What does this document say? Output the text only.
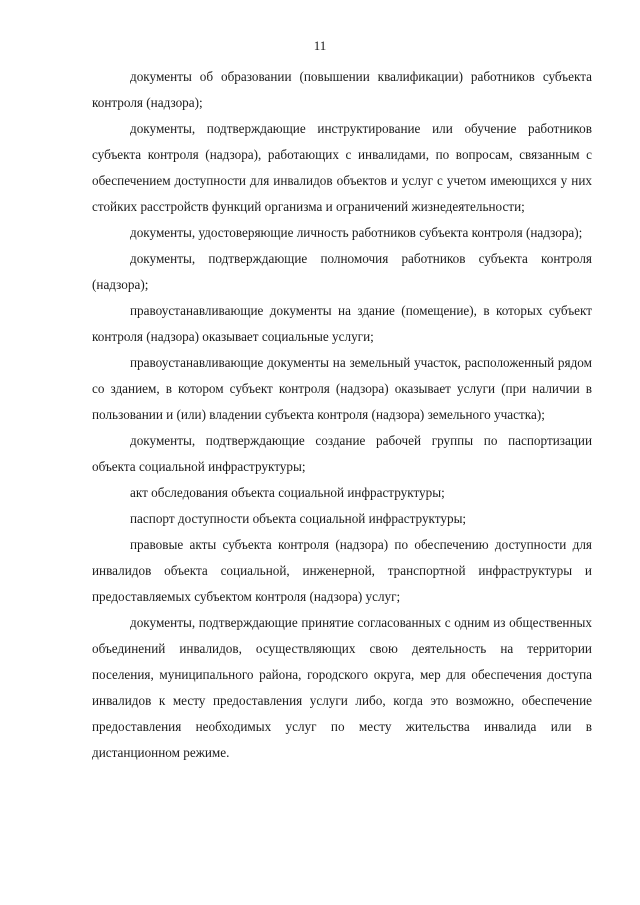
11

документы об образовании (повышении квалификации) работников субъекта контроля (надзора);

документы, подтверждающие инструктирование или обучение работников субъекта контроля (надзора), работающих с инвалидами, по вопросам, связанным с обеспечением доступности для инвалидов объектов и услуг с учетом имеющихся у них стойких расстройств функций организма и ограничений жизнедеятельности;

документы, удостоверяющие личность работников субъекта контроля (надзора);

документы, подтверждающие полномочия работников субъекта контроля (надзора);

правоустанавливающие документы на здание (помещение), в которых субъект контроля (надзора) оказывает социальные услуги;

правоустанавливающие документы на земельный участок, расположенный рядом со зданием, в котором субъект контроля (надзора) оказывает услуги (при наличии в пользовании и (или) владении субъекта контроля (надзора) земельного участка);

документы, подтверждающие создание рабочей группы по паспортизации объекта социальной инфраструктуры;

акт обследования объекта социальной инфраструктуры;

паспорт доступности объекта социальной инфраструктуры;

правовые акты субъекта контроля (надзора) по обеспечению доступности для инвалидов объекта социальной, инженерной, транспортной инфраструктуры и предоставляемых субъектом контроля (надзора) услуг;

документы, подтверждающие принятие согласованных с одним из общественных объединений инвалидов, осуществляющих свою деятельность на территории поселения, муниципального района, городского округа, мер для обеспечения доступа инвалидов к месту предоставления услуги либо, когда это возможно, обеспечение предоставления необходимых услуг по месту жительства инвалида или в дистанционном режиме.
